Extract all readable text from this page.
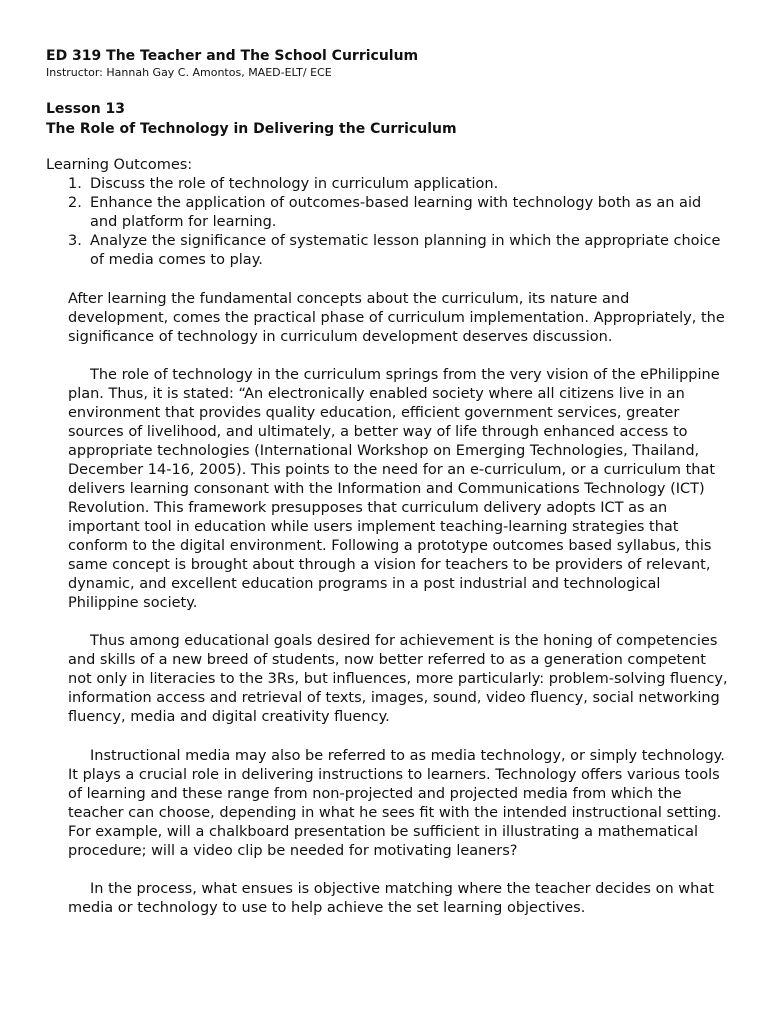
ED 319 The Teacher and The School Curriculum
Instructor: Hannah Gay C. Amontos, MAED-ELT/ ECE
Lesson 13
The Role of Technology in Delivering the Curriculum
Learning Outcomes:
1. Discuss the role of technology in curriculum application.
2. Enhance the application of outcomes-based learning with technology both as an aid and platform for learning.
3. Analyze the significance of systematic lesson planning in which the appropriate choice of media comes to play.

After learning the fundamental concepts about the curriculum, its nature and development, comes the practical phase of curriculum implementation. Appropriately, the significance of technology in curriculum development deserves discussion.

The role of technology in the curriculum springs from the very vision of the ePhilippine plan. Thus, it is stated: “An electronically enabled society where all citizens live in an environment that provides quality education, efficient government services, greater sources of livelihood, and ultimately, a better way of life through enhanced access to appropriate technologies (International Workshop on Emerging Technologies, Thailand, December 14-16, 2005). This points to the need for an e-curriculum, or a curriculum that delivers learning consonant with the Information and Communications Technology (ICT) Revolution. This framework presupposes that curriculum delivery adopts ICT as an important tool in education while users implement teaching-learning strategies that conform to the digital environment. Following a prototype outcomes based syllabus, this same concept is brought about through a vision for teachers to be providers of relevant, dynamic, and excellent education programs in a post industrial and technological Philippine society.

Thus among educational goals desired for achievement is the honing of competencies and skills of a new breed of students, now better referred to as a generation competent not only in literacies to the 3Rs, but influences, more particularly: problem-solving fluency, information access and retrieval of texts, images, sound, video fluency, social networking fluency, media and digital creativity fluency.

Instructional media may also be referred to as media technology, or simply technology. It plays a crucial role in delivering instructions to learners. Technology offers various tools of learning and these range from non-projected and projected media from which the teacher can choose, depending in what he sees fit with the intended instructional setting. For example, will a chalkboard presentation be sufficient in illustrating a mathematical procedure; will a video clip be needed for motivating leaners?

In the process, what ensues is objective matching where the teacher decides on what media or technology to use to help achieve the set learning objectives.
